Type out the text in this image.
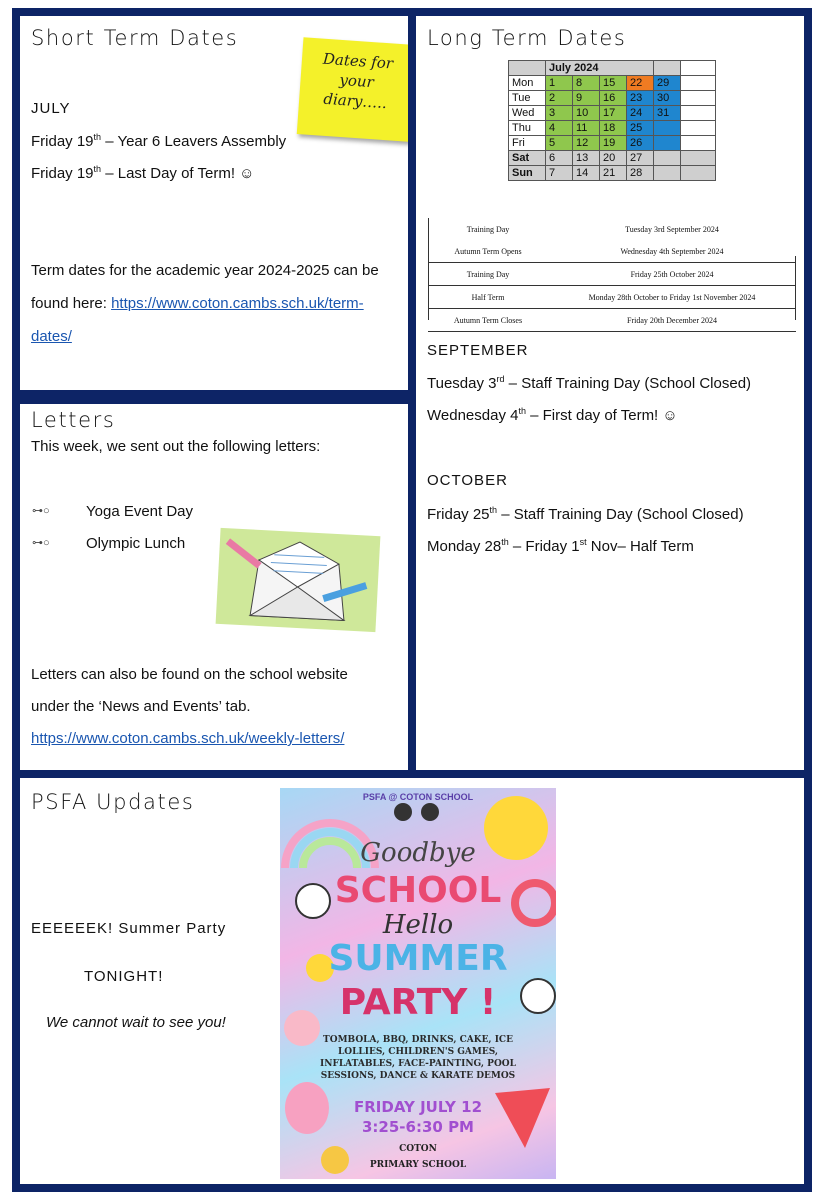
Short Term Dates
Dates for your diary…..
JULY
Friday 19th – Year 6 Leavers Assembly
Friday 19th – Last Day of Term! ☺
Term dates for the academic year 2024-2025 can be
found here: https://www.coton.cambs.sch.uk/term-
dates/
Letters
This week, we sent out the following letters:
⊶○ Yoga Event Day
⊶○ Olympic Lunch
Letters can also be found on the school website
under the ‘News and Events’ tab.
https://www.coton.cambs.sch.uk/weekly-letters/
Long Term Dates
	July 2024					
Mon	1	8	15	22	29	
Tue	2	9	16	23	30	
Wed	3	10	17	24	31	
Thu	4	11	18	25		
Fri	5	12	19	26		
Sat	6	13	20	27		
Sun	7	14	21	28		
Training Day	Tuesday 3rd September 2024
Autumn Term Opens	Wednesday 4th September 2024
Training Day	Friday 25th October 2024
Half Term	Monday 28th October to Friday 1st November 2024
Autumn Term Closes	Friday 20th December 2024
SEPTEMBER
Tuesday 3rd – Staff Training Day (School Closed)
Wednesday 4th – First day of Term! ☺
OCTOBER
Friday 25th – Staff Training Day (School Closed)
Monday 28th – Friday 1st Nov– Half Term
PSFA Updates
EEEEEEK! Summer Party
TONIGHT!
We cannot wait to see you!
PSFA @ COTON SCHOOL
Goodbye
SCHOOL
Hello
SUMMER
PARTY !
TOMBOLA, BBQ, DRINKS, CAKE, ICE LOLLIES, CHILDREN'S GAMES, INFLATABLES, FACE-PAINTING, POOL SESSIONS, DANCE & KARATE DEMOS
FRIDAY JULY 12
3:25-6:30 PM
COTON
PRIMARY SCHOOL
